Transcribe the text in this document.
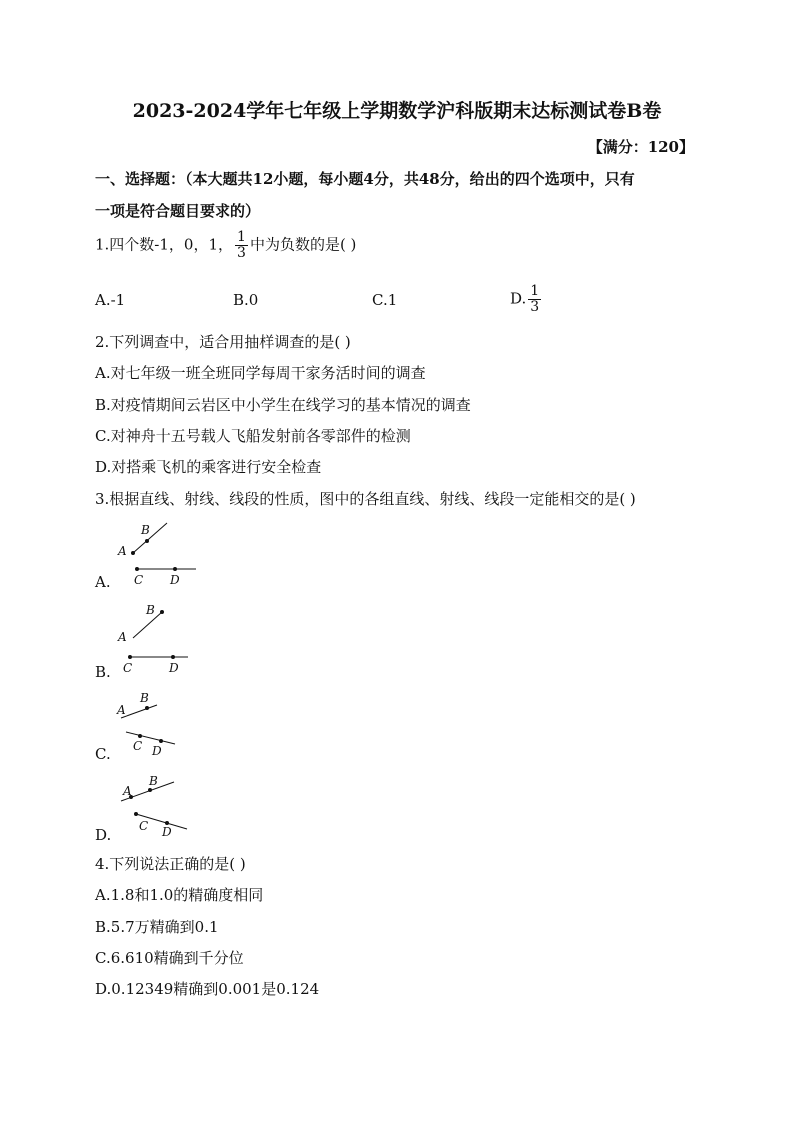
2023-2024学年七年级上学期数学沪科版期末达标测试卷B卷
【满分：120】
一、选择题：（本大题共12小题，每小题4分，共48分，给出的四个选项中，只有
一项是符合题目要求的）
1.四个数-1，0，1， $\frac{1}{3}$ 中为负数的是( )
A.-1	B.0	C.1	D. $\frac{1}{3}$
2.下列调查中，适合用抽样调查的是( )
A.对七年级一班全班同学每周干家务活时间的调查
B.对疫情期间云岩区中小学生在线学习的基本情况的调查
C.对神舟十五号载人飞船发射前各零部件的检测
D.对搭乘飞机的乘客进行安全检查
3.根据直线、射线、线段的性质，图中的各组直线、射线、线段一定能相交的是( )
A.
A
B
C D
B.
A
B
C	D
C.
A
B
C D
D.
A
B
C D
4.下列说法正确的是( )
A.1.8和1.0的精确度相同
B.5.7万精确到0.1
C.6.610精确到千分位
D.0.12349精确到0.001是0.124
